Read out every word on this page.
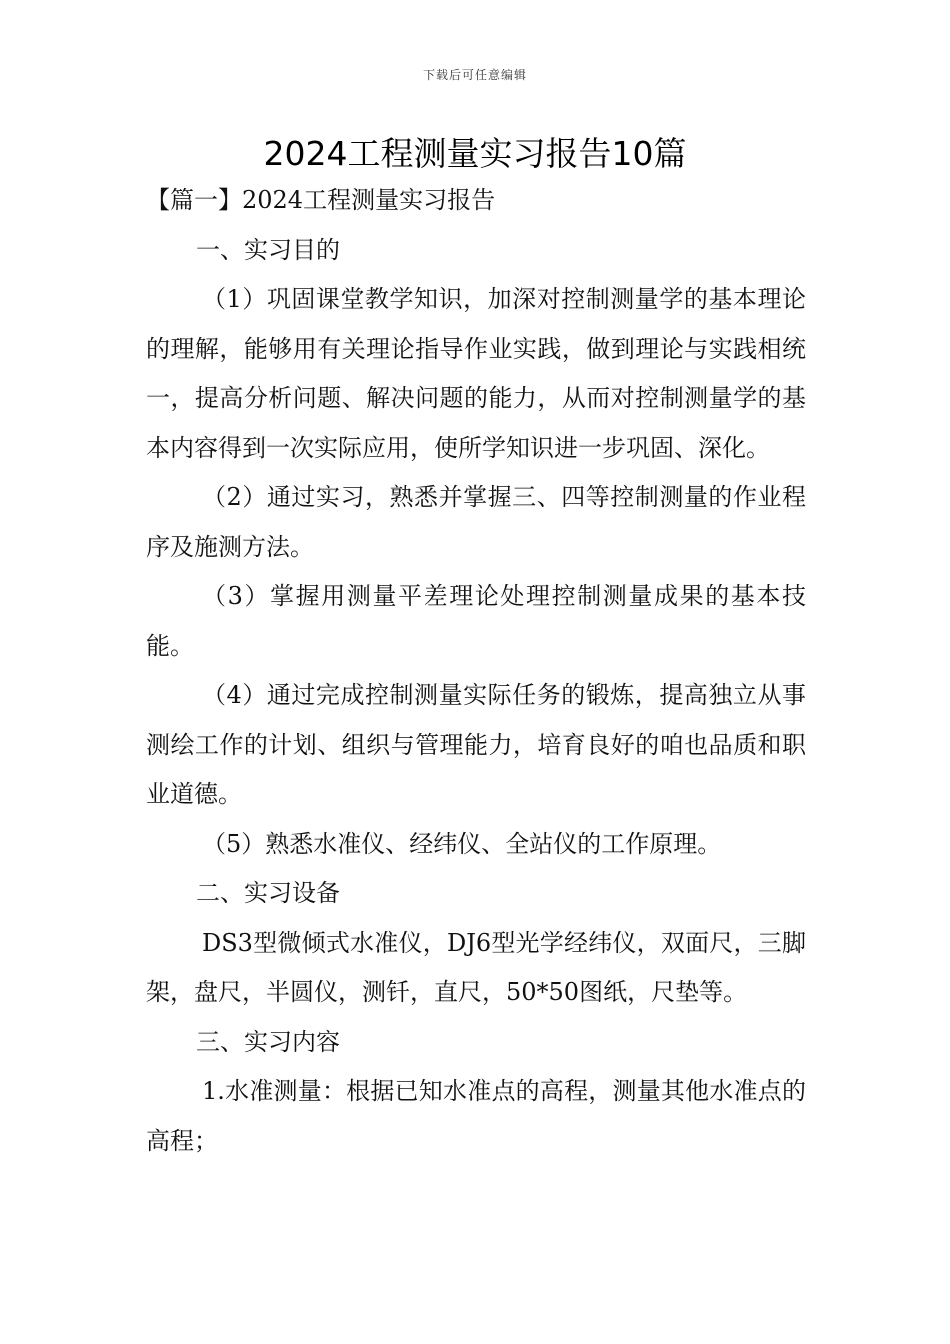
下载后可任意编辑
2024工程测量实习报告10篇

【篇一】2024工程测量实习报告

一、实习目的

（1）巩固课堂教学知识，加深对控制测量学的基本理论的理解，能够用有关理论指导作业实践，做到理论与实践相统一，提高分析问题、解决问题的能力，从而对控制测量学的基本内容得到一次实际应用，使所学知识进一步巩固、深化。

（2）通过实习，熟悉并掌握三、四等控制测量的作业程序及施测方法。

（3）掌握用测量平差理论处理控制测量成果的基本技能。

（4）通过完成控制测量实际任务的锻炼，提高独立从事测绘工作的计划、组织与管理能力，培育良好的咱也品质和职业道德。

（5）熟悉水准仪、经纬仪、全站仪的工作原理。

二、实习设备

DS3型微倾式水准仪，DJ6型光学经纬仪，双面尺，三脚架，盘尺，半圆仪，测钎，直尺，50*50图纸，尺垫等。

三、实习内容

1.水准测量：根据已知水准点的高程，测量其他水准点的高程；
